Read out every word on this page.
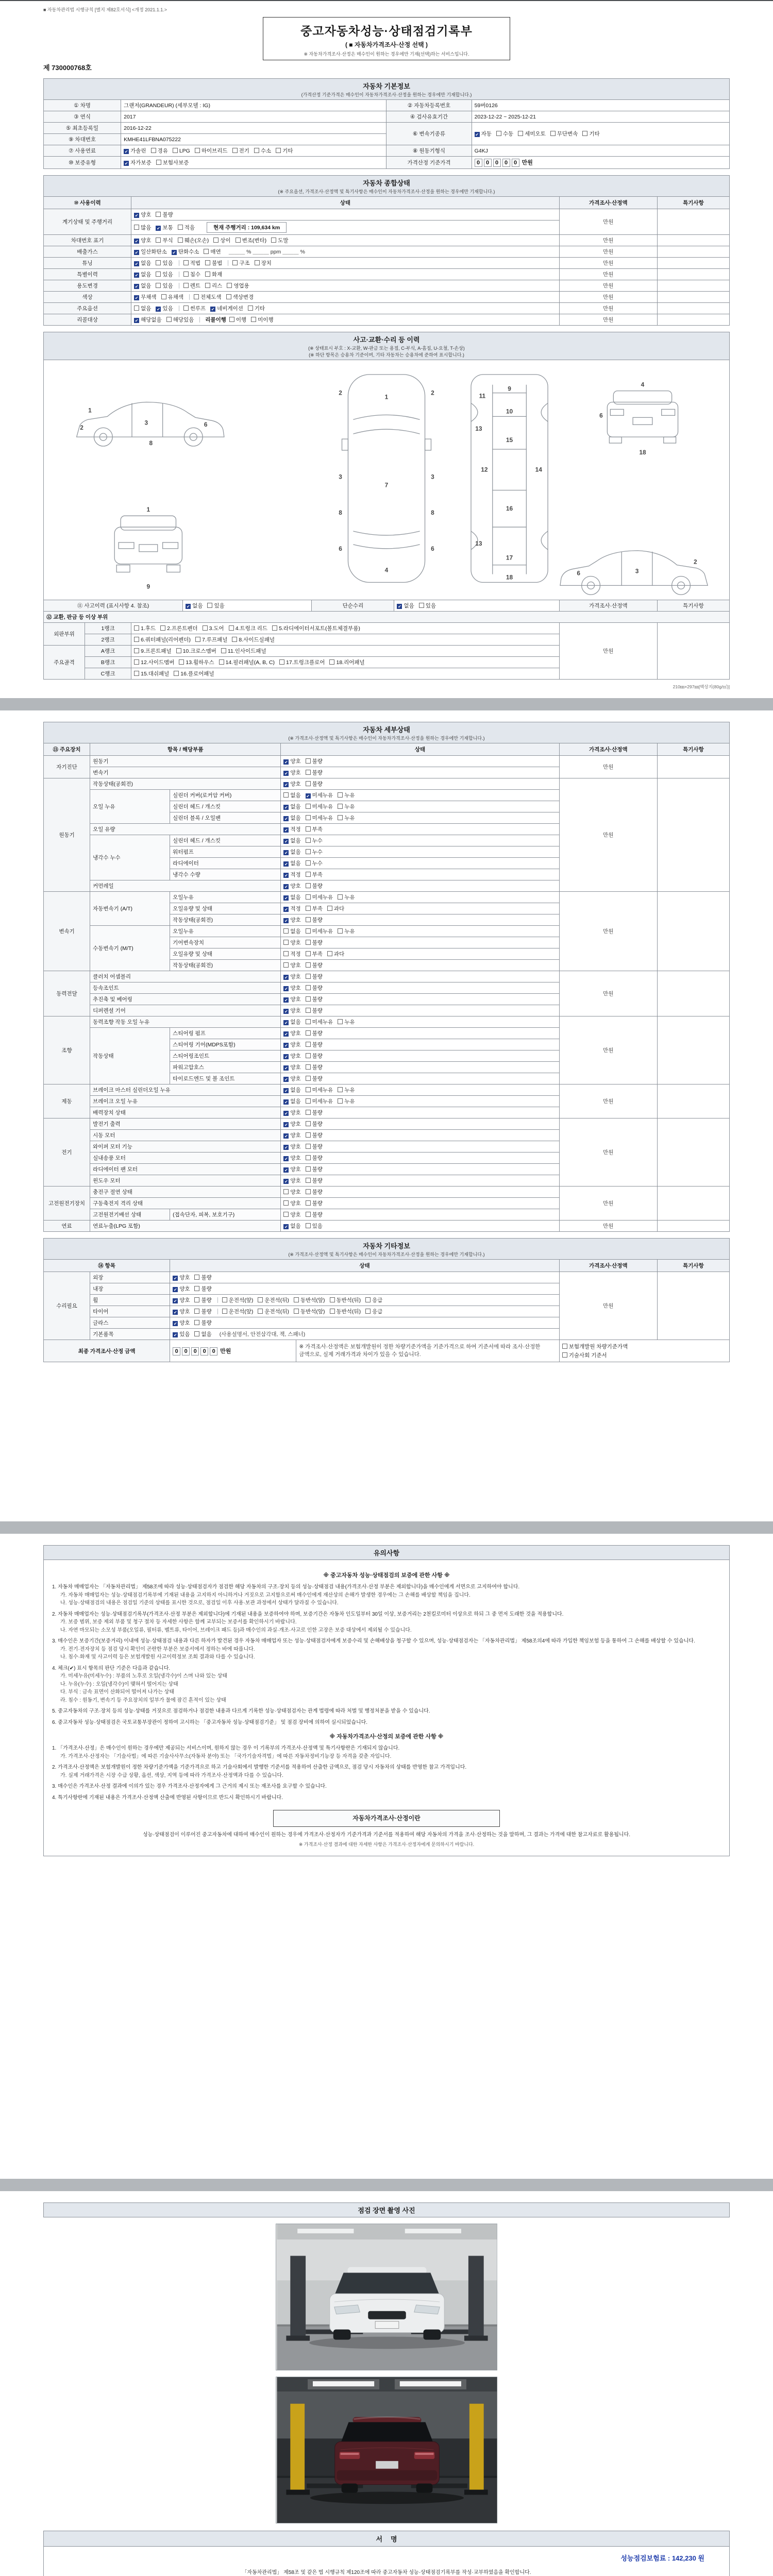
■ 자동차관리법 시행규칙 [별지 제82호서식] <개정 2021.1.1.>
중고자동차성능·상태점검기록부
( ■ 자동차가격조사·산정 선택 )
※ 자동차가격조사·산정은 매수인이 원하는 경우에만 기재(선택)하는 서비스입니다.
제 730000768호
자동차 기본정보
(가격산정 기준가격은 매수인이 자동차가격조사·산정을 원하는 경우에만 기재합니다.)
① 차명	그랜저(GRANDEUR) (세부모델 : IG)	② 자동차등록번호	59버0126
③ 연식	2017	④ 검사유효기간	2023-12-22 ~ 2025-12-21
⑤ 최초등록일	2016-12-22	⑥ 변속기종류	✔ 자동 수동 세미오토 무단변속 기타
⑨ 차대번호	KMHE41LFBNA075222		
⑦ 사용연료	✔ 가솔린 경유 LPG 하이브리드 전기 수소 기타	⑧ 원동기형식	G4KJ
⑩ 보증유형	✔ 자가보증 보험사보증	가격산정 기준가격	0 0 0 0 0 만원
자동차 종합상태
(※ 주요옵션, 가격조사·산정액 및 특기사항은 매수인이 자동차가격조사·산정을 원하는 경우에만 기재합니다.)
⑩ 사용이력	상태	가격조사·산정액	특기사항
계기상태 및 주행거리	✔ 양호 불량	만원	
	많음 ✔ 보통 적음 현재 주행거리 : 109,634 km		
차대번호 표기	✔ 양호 부식 훼손(오손) 상이 변조(변타) 도말	만원	
배출가스	✔ 일산화탄소 ✔ 탄화수소 매연 ＿＿＿ % ＿＿＿ ppm ＿＿＿ %	만원	
튜닝	✔ 없음 있음 적법 불법 구조 장치	만원	
특별이력	✔ 없음 있음 침수 화재	만원	
용도변경	✔ 없음 있음 렌트 리스 영업용	만원	
색상	✔ 무채색 유채색 전체도색 색상변경	만원	
주요옵션	없음 ✔ 있음 썬루프 ✔ 네비게이션 기타	만원	
리콜대상	✔ 해당없음 해당있음 리콜이행 이행 미이행	만원	
사고·교환·수리 등 이력
(※ 상태표시 부호 : X-교환, W-판금 또는 용접, C-부식, A-흠집, U-요철, T-손상)
(※ 하단 항목은 승용차 기준이며, 기타 자동차는 승용차에 준하여 표시합니다.)
1
2
3	6
8
1
9
1
2	2
3	3
8	8
6	6
7
4
9
10
11
12
13
13
14
15
16
17
18
4
6
18
2
3
6
⑪ 사고이력 (표시사항 4. 참조)	✔ 없음 있음	단순수리	✔ 없음 있음	가격조사·산정액	특기사항
⑫ 교환, 판금 등 이상 부위				
외판부위	1랭크	1.후드 2.프론트펜더 3.도어 4.트렁크 리드 5.라디에이터서포트(볼트체결부품)	만원	
	2랭크	6.쿼터패널(리어펜더) 7.루프패널 8.사이드실패널		
주요골격	A랭크	9.프론트패널 10.크로스멤버 11.인사이드패널		
	B랭크	12.사이드멤버 13.휠하우스 14.필러패널(A, B, C) 17.트렁크플로어 18.리어패널		
	C랭크	15.대쉬패널 16.플로어패널		
210㎜×297㎜[백상지(80g/㎡)]
자동차 세부상태
(※ 가격조사·산정액 및 특기사항은 매수인이 자동차가격조사·산정을 원하는 경우에만 기재합니다.)
⑬ 주요장치	항목 / 해당부품		상태	가격조사·산정액	특기사항
자기진단	원동기		✔ 양호 불량	만원	
	변속기		✔ 양호 불량		
원동기	작동상태(공회전)		✔ 양호 불량	만원	
	오일 누유	실린더 커버(로커암 커버)	없음 ✔ 미세누유 누유		
		실린더 헤드 / 개스킷	✔ 없음 미세누유 누유		
		실린더 블록 / 오일팬	✔ 없음 미세누유 누유		
	오일 유량		✔ 적정 부족		
	냉각수 누수	실린더 헤드 / 개스킷	✔ 없음 누수		
		워터펌프	✔ 없음 누수		
		라디에이터	✔ 없음 누수		
		냉각수 수량	✔ 적정 부족		
	커먼레일		✔ 양호 불량		
변속기	자동변속기 (A/T)	오일누유	✔ 없음 미세누유 누유	만원	
		오일유량 및 상태	✔ 적정 부족 과다		
		작동상태(공회전)	✔ 양호 불량		
	수동변속기 (M/T)	오일누유	없음 미세누유 누유		
		기어변속장치	양호 불량		
		오일유량 및 상태	적정 부족 과다		
		작동상태(공회전)	양호 불량		
동력전달	클러치 어셈블리		✔ 양호 불량	만원	
	등속조인트		✔ 양호 불량		
	추진축 및 베어링		✔ 양호 불량		
	디퍼렌셜 기어		✔ 양호 불량		
조향	동력조향 작동 오일 누유		✔ 없음 미세누유 누유	만원	
	작동상태	스티어링 펌프	✔ 양호 불량		
		스티어링 기어(MDPS포함)	✔ 양호 불량		
		스티어링조인트	✔ 양호 불량		
		파워고압호스	✔ 양호 불량		
		타이로드엔드 및 볼 조인트	✔ 양호 불량		
제동	브레이크 마스터 실린더오일 누유		✔ 없음 미세누유 누유	만원	
	브레이크 오일 누유		✔ 없음 미세누유 누유		
	배력장치 상태		✔ 양호 불량		
전기	발전기 출력		✔ 양호 불량	만원	
	시동 모터		✔ 양호 불량		
	와이퍼 모터 기능		✔ 양호 불량		
	실내송풍 모터		✔ 양호 불량		
	라디에이터 팬 모터		✔ 양호 불량		
	윈도우 모터		✔ 양호 불량		
고전원전기장치	충전구 절연 상태		양호 불량	만원	
	구동축전지 격리 상태		양호 불량		
	고전원전기배선 상태	(접속단자, 피복, 보호기구)	양호 불량		
연료	연료누출(LPG 포함)		✔ 없음 있음	만원	
자동차 기타정보
(※ 가격조사·산정액 및 특기사항은 매수인이 자동차가격조사·산정을 원하는 경우에만 기재합니다.)
⑭ 항목		상태	가격조사·산정액	특기사항
수리필요	외장	✔ 양호 불량	만원	
	내장	✔ 양호 불량		
	휠	✔ 양호 불량 운전석(앞) 운전석(뒤) 동반석(앞) 동반석(뒤) 응급		
	타이어	✔ 양호 불량 운전석(앞) 운전석(뒤) 동반석(앞) 동반석(뒤) 응급		
	글라스	✔ 양호 불량		
	기본품목	✔ 있음 없음 (사용설명서, 안전삼각대, 잭, 스패너)		
최종 가격조사·산정 금액	0 0 0 0 0 만원	※ 가격조사·산정액은 보험개발원이 정한 차량기준가액을 기준가격으로 하여 기준서에 따라 조사·산정한 금액으로, 실제 거래가격과 차이가 있을 수 있습니다.	
보험개발원 차량기준가액
기술사회 기준서
유의사항
※ 중고자동차 성능·상태점검의 보증에 관한 사항 ※
1. 자동차 매매업자는 「자동차관리법」 제58조에 따라 성능·상태점검자가 점검한 해당 자동차의 구조·장치 등의 성능·상태점검 내용(가격조사·산정 부분은 제외합니다)을 매수인에게 서면으로 고지하여야 합니다.
가. 자동차 매매업자는 성능·상태점검기록부에 기재된 내용을 고지하지 아니하거나 거짓으로 고지함으로써 매수인에게 재산상의 손해가 발생한 경우에는 그 손해를 배상할 책임을 집니다.
나. 성능·상태점검의 내용은 점검일 기준의 상태를 표시한 것으로, 점검일 이후 사용·보관 과정에서 상태가 달라질 수 있습니다.
2. 자동차 매매업자는 성능·상태점검기록부(가격조사·산정 부분은 제외합니다)에 기재된 내용을 보증하여야 하며, 보증기간은 자동차 인도일부터 30일 이상, 보증거리는 2천킬로미터 이상으로 하되 그 중 먼저 도래한 것을 적용합니다.
가. 보증 범위, 보증 제외 부품 및 청구 절차 등 자세한 사항은 함께 교부되는 보증서를 확인하시기 바랍니다.
나. 자연 마모되는 소모성 부품(오일류, 필터류, 벨트류, 타이어, 브레이크 패드 등)과 매수인의 과실·개조·사고로 인한 고장은 보증 대상에서 제외될 수 있습니다.
3. 매수인은 보증기간(보증거리) 이내에 성능·상태점검 내용과 다른 하자가 발견된 경우 자동차 매매업자 또는 성능·상태점검자에게 보증수리 및 손해배상을 청구할 수 있으며, 성능·상태점검자는 「자동차관리법」 제58조의4에 따라 가입한 책임보험 등을 통하여 그 손해를 배상할 수 있습니다.
가. 전기·전자장치 등 점검 당시 확인이 곤란한 부분은 보증서에서 정하는 바에 따릅니다.
나. 침수·화재 및 사고이력 등은 보험개발원 사고이력정보 조회 결과와 다를 수 있습니다.
4. 체크(✔) 표시 항목의 판단 기준은 다음과 같습니다.
가. 미세누유(미세누수) : 부품의 노후로 오일(냉각수)이 스며 나와 있는 상태
나. 누유(누수) : 오일(냉각수)이 맺혀서 떨어지는 상태
다. 부식 : 금속 표면이 산화되어 떨어져 나가는 상태
라. 침수 : 원동기, 변속기 등 주요장치의 일부가 물에 잠긴 흔적이 있는 상태
5. 중고자동차의 구조·장치 등의 성능·상태를 거짓으로 점검하거나 점검한 내용과 다르게 기록한 성능·상태점검자는 관계 법령에 따라 처벌 및 행정처분을 받을 수 있습니다.
6. 중고자동차 성능·상태점검은 국토교통부장관이 정하여 고시하는 「중고자동차 성능·상태점검기준」 및 점검 장비에 의하여 실시되었습니다.
※ 자동차가격조사·산정의 보증에 관한 사항 ※
1. 「가격조사·산정」은 매수인이 원하는 경우에만 제공되는 서비스이며, 원하지 않는 경우 이 기록부의 가격조사·산정액 및 특기사항란은 기재되지 않습니다.
가. 가격조사·산정자는 「기술사법」에 따른 기술사사무소(자동차 분야) 또는 「국가기술자격법」에 따른 자동차정비기능장 등 자격을 갖춘 자입니다.
2. 가격조사·산정액은 보험개발원이 정한 차량기준가액을 기준가격으로 하고 기술사회에서 발행한 기준서를 적용하여 산출한 금액으로, 점검 당시 자동차의 상태를 반영한 참고 가격입니다.
가. 실제 거래가격은 시장 수급 상황, 옵션, 색상, 지역 등에 따라 가격조사·산정액과 다를 수 있습니다.
3. 매수인은 가격조사·산정 결과에 이의가 있는 경우 가격조사·산정자에게 그 근거의 제시 또는 재조사를 요구할 수 있습니다.
4. 특기사항란에 기재된 내용은 가격조사·산정액 산출에 반영된 사항이므로 반드시 확인하시기 바랍니다.
자동차가격조사·산정이란
성능·상태점검이 이루어진 중고자동차에 대하여 매수인이 원하는 경우에 가격조사·산정자가 기준가격과 기준서를 적용하여 해당 자동차의 가격을 조사·산정하는 것을 말하며, 그 결과는 가격에 대한 참고자료로 활용됩니다.
※ 가격조사·산정 결과에 대한 자세한 사항은 가격조사·산정자에게 문의하시기 바랍니다.
점검 장면 촬영 사진
서명
성능점검보험료 : 142,230 원
「자동차관리법」 제58조 및 같은 법 시행규칙 제120조에 따라 중고자동차 성능·상태점검기록부를 작성·교부하였음을 확인합니다.
